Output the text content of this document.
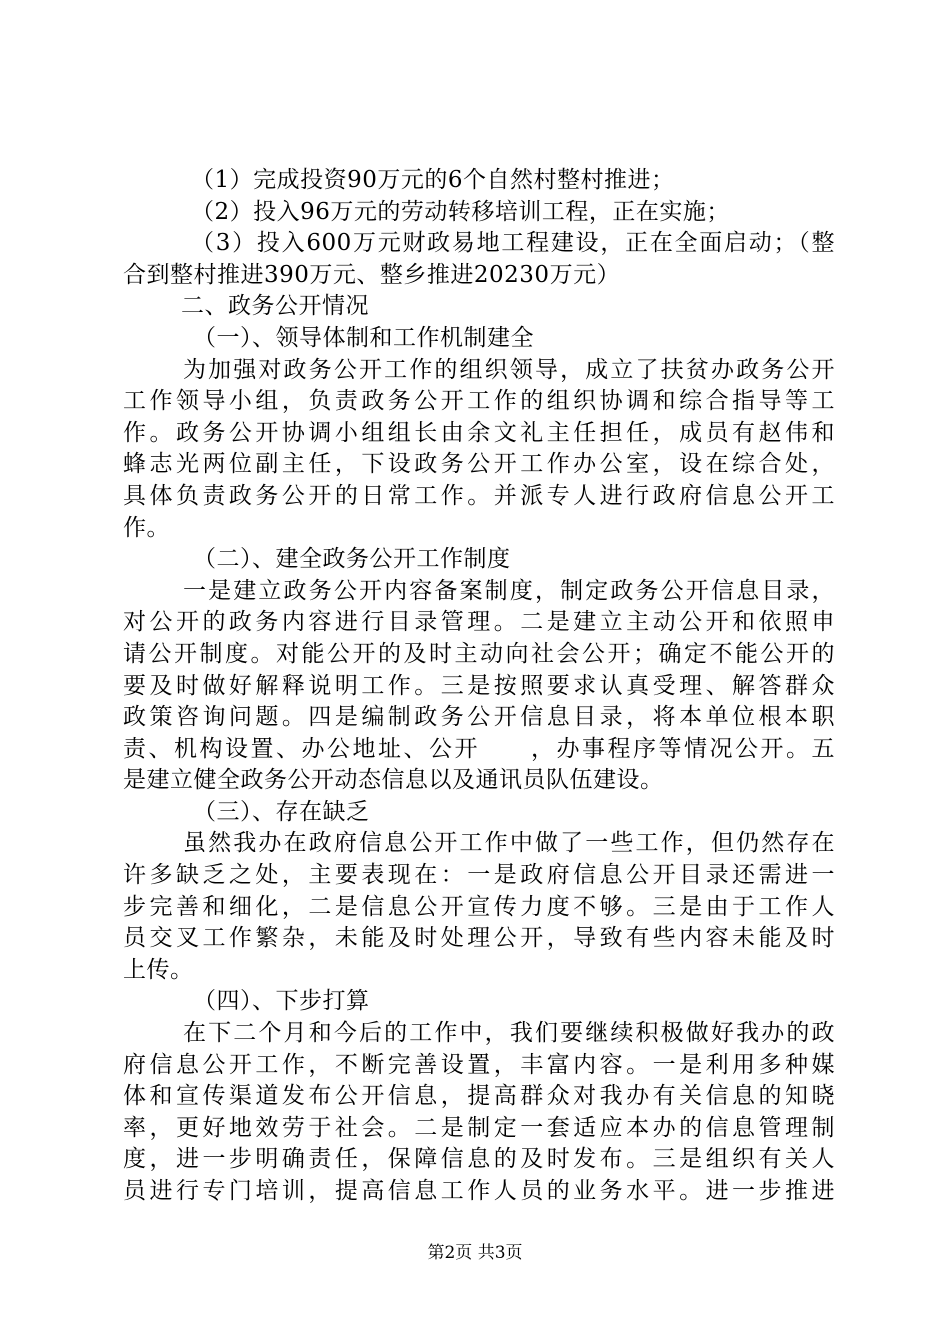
（1）完成投资90万元的6个自然村整村推进；
（2）投入96万元的劳动转移培训工程，正在实施；
（3）投入600万元财政易地工程建设，正在全面启动；（整
合到整村推进390万元、整乡推进20230万元）
二、政务公开情况
（一）、领导体制和工作机制建全
为加强对政务公开工作的组织领导，成立了扶贫办政务公开
工作领导小组，负责政务公开工作的组织协调和综合指导等工
作。政务公开协调小组组长由余文礼主任担任，成员有赵伟和
蜂志光两位副主任，下设政务公开工作办公室，设在综合处，
具体负责政务公开的日常工作。并派专人进行政府信息公开工
作。
（二）、建全政务公开工作制度
一是建立政务公开内容备案制度，制定政务公开信息目录，
对公开的政务内容进行目录管理。二是建立主动公开和依照申
请公开制度。对能公开的及时主动向社会公开；确定不能公开的
要及时做好解释说明工作。三是按照要求认真受理、解答群众
政策咨询问题。四是编制政务公开信息目录，将本单位根本职
责、机构设置、办公地址、公开　　，办事程序等情况公开。五
是建立健全政务公开动态信息以及通讯员队伍建设。
（三）、存在缺乏
虽然我办在政府信息公开工作中做了一些工作，但仍然存在
许多缺乏之处，主要表现在：一是政府信息公开目录还需进一
步完善和细化，二是信息公开宣传力度不够。三是由于工作人
员交叉工作繁杂，未能及时处理公开，导致有些内容未能及时
上传。
（四）、下步打算
在下二个月和今后的工作中，我们要继续积极做好我办的政
府信息公开工作，不断完善设置，丰富内容。一是利用多种媒
体和宣传渠道发布公开信息，提高群众对我办有关信息的知晓
率，更好地效劳于社会。二是制定一套适应本办的信息管理制
度，进一步明确责任，保障信息的及时发布。三是组织有关人
员进行专门培训，提高信息工作人员的业务水平。进一步推进
第2页 共3页
